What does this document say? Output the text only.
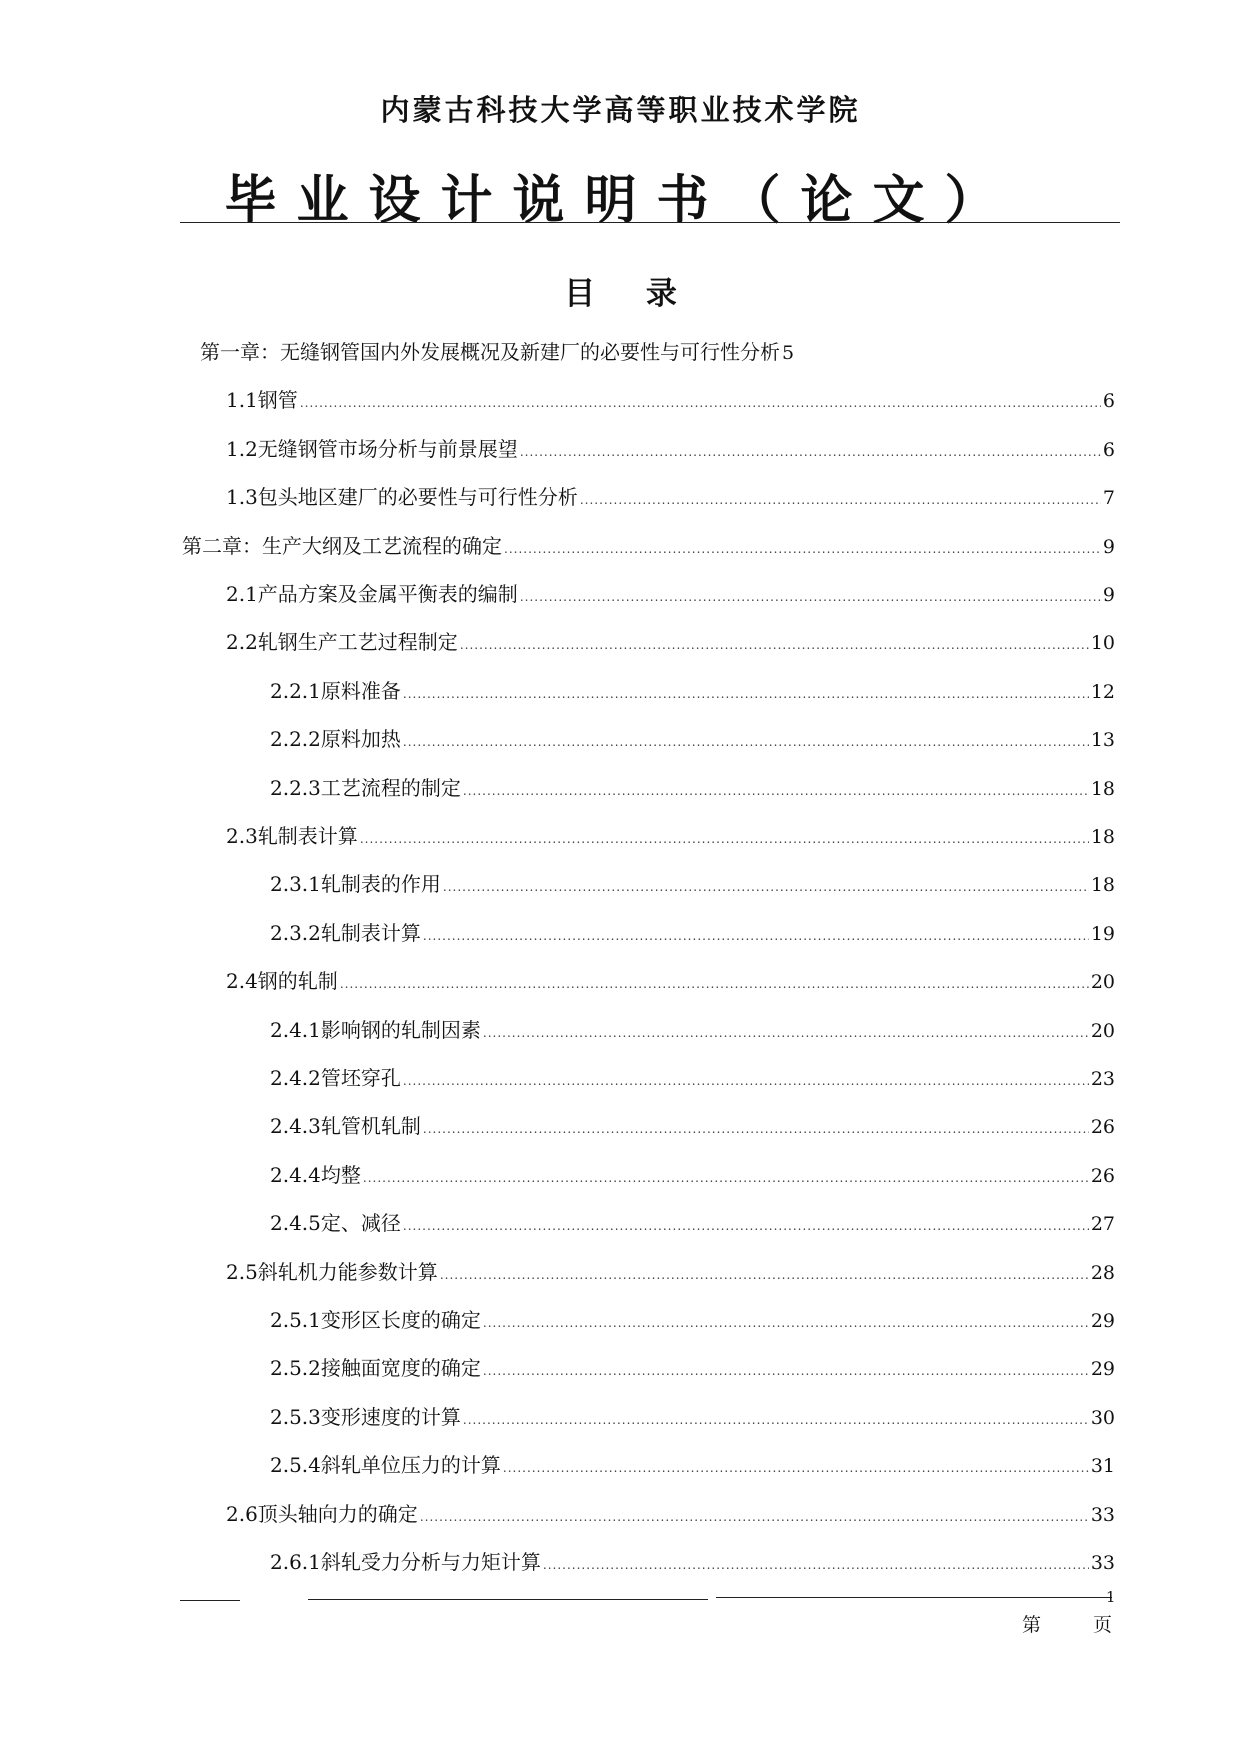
内蒙古科技大学高等职业技术学院
毕业设计说明书（论文）
目 录
第一章：无缝钢管国内外发展概况及新建厂的必要性与可行性分析 5
1.1钢管 .....	6
1.2无缝钢管市场分析与前景展望 .....	6
1.3包头地区建厂的必要性与可行性分析 .....	7
第二章：生产大纲及工艺流程的确定 .....	9
2.1产品方案及金属平衡表的编制 .....	9
2.2轧钢生产工艺过程制定 .....	10
2.2.1原料准备 .....	12
2.2.2原料加热 .....	13
2.2.3工艺流程的制定 .....	18
2.3轧制表计算 .....	18
2.3.1轧制表的作用 .....	18
2.3.2轧制表计算 .....	19
2.4钢的轧制 .....	20
2.4.1影响钢的轧制因素 .....	20
2.4.2管坯穿孔 .....	23
2.4.3轧管机轧制 .....	26
2.4.4均整 .....	26
2.4.5定、减径 .....	27
2.5斜轧机力能参数计算 .....	28
2.5.1变形区长度的确定 .....	29
2.5.2接触面宽度的确定 .....	29
2.5.3变形速度的计算 .....	30
2.5.4斜轧单位压力的计算 .....	31
2.6顶头轴向力的确定 .....	33
2.6.1斜轧受力分析与力矩计算 .....	33
1
第 页
